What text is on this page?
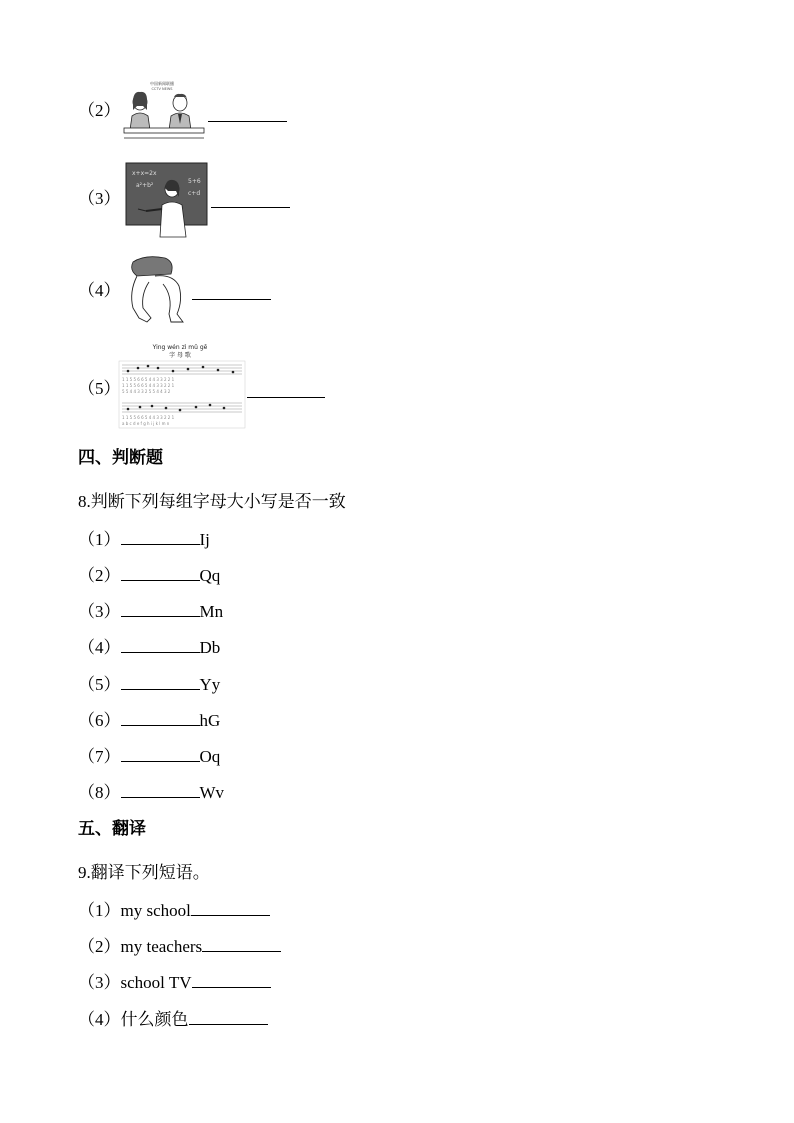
（2）
中国新闻联播
CCTV NEWS
（3）
x+x=2x
a²+b²
5+6
c+d
（4）
（5）
Ying wén zì mǔ gē
字 母 歌
1 1 5 5 6 6 5 4 4 3 3 2 2 1
1 1 5 5 6 6 5 4 4 3 3 2 2 1
5 5 4 4 3 3 2 5 5 4 4 3 2
1 1 5 5 6 6 5 4 4 3 3 2 2 1
a b c d e f g h i j k l m n
四、判断题
8.判断下列每组字母大小写是否一致
（1）	Ij
（2）	Qq
（3）	Mn
（4）	Db
（5）	Yy
（6）	hG
（7）	Oq
（8）	Wv
五、翻译
9.翻译下列短语。
（1）my school
（2）my teachers
（3）school TV
（4）什么颜色
